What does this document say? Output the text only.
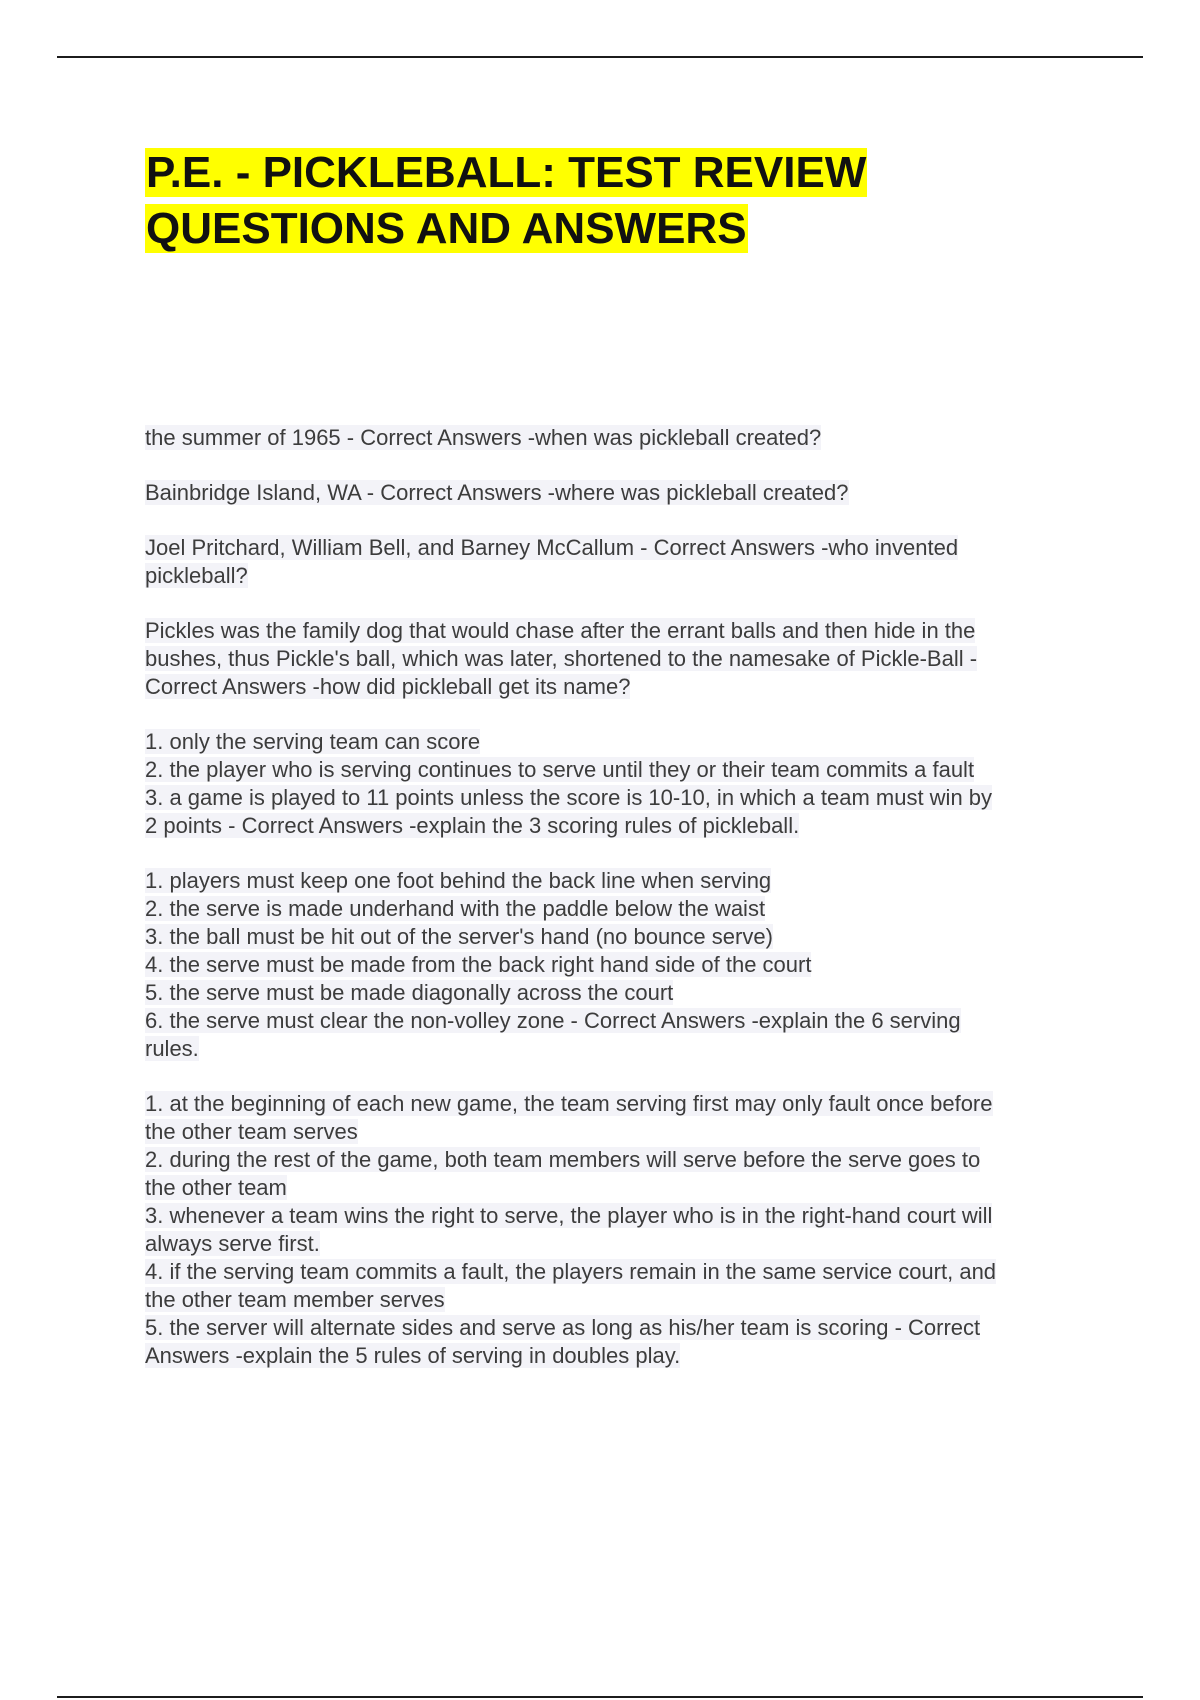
P.E. - PICKLEBALL: TEST REVIEW
QUESTIONS AND ANSWERS
the summer of 1965 - Correct Answers -when was pickleball created?
Bainbridge Island, WA - Correct Answers -where was pickleball created?
Joel Pritchard, William Bell, and Barney McCallum - Correct Answers -who invented
pickleball?
Pickles was the family dog that would chase after the errant balls and then hide in the
bushes, thus Pickle's ball, which was later, shortened to the namesake of Pickle-Ball -
Correct Answers -how did pickleball get its name?
1. only the serving team can score
2. the player who is serving continues to serve until they or their team commits a fault
3. a game is played to 11 points unless the score is 10-10, in which a team must win by
2 points - Correct Answers -explain the 3 scoring rules of pickleball.
1. players must keep one foot behind the back line when serving
2. the serve is made underhand with the paddle below the waist
3. the ball must be hit out of the server's hand (no bounce serve)
4. the serve must be made from the back right hand side of the court
5. the serve must be made diagonally across the court
6. the serve must clear the non-volley zone - Correct Answers -explain the 6 serving
rules.
1. at the beginning of each new game, the team serving first may only fault once before
the other team serves
2. during the rest of the game, both team members will serve before the serve goes to
the other team
3. whenever a team wins the right to serve, the player who is in the right-hand court will
always serve first.
4. if the serving team commits a fault, the players remain in the same service court, and
the other team member serves
5. the server will alternate sides and serve as long as his/her team is scoring - Correct
Answers -explain the 5 rules of serving in doubles play.
